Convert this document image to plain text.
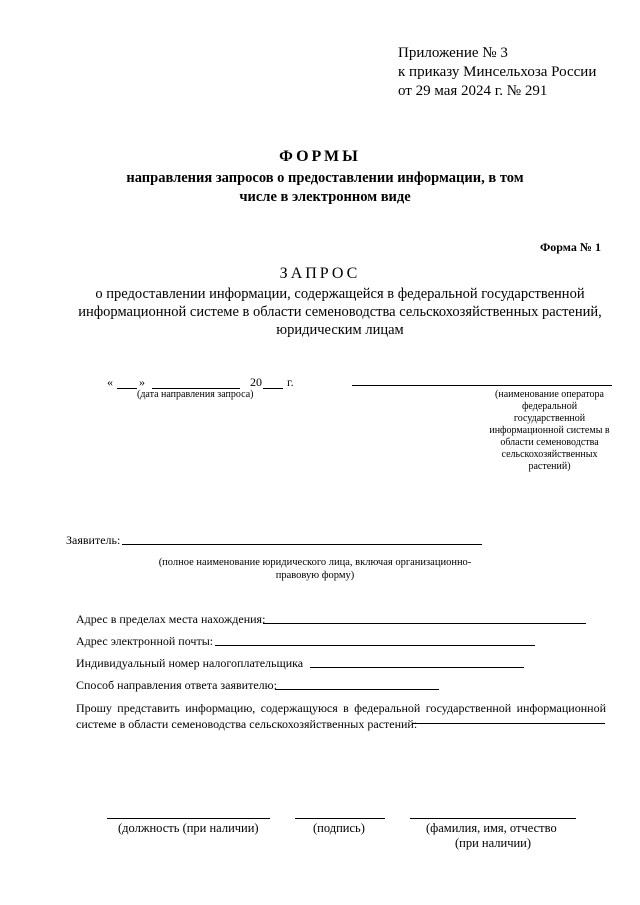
Приложение № 3
к приказу Минсельхоза России
от 29 мая 2024 г. № 291
ФОРМЫ
направления запросов о предоставлении информации, в том числе в электронном виде
Форма № 1
ЗАПРОС
о предоставлении информации, содержащейся в федеральной государственной информационной системе в области семеноводства сельскохозяйственных растений, юридическим лицам
« »	20 г.
(дата направления запроса)	(наименование оператора федеральной государственной информационной системы в области семеноводства сельскохозяйственных растений)
Заявитель:
(полное наименование юридического лица, включая организационно-правовую форму)
Адрес в пределах места нахождения:
Адрес электронной почты:
Индивидуальный номер налогоплательщика
Способ направления ответа заявителю:
Прошу представить информацию, содержащуюся в федеральной государственной информационной системе в области семеноводства сельскохозяйственных растений:
(должность (при наличии)	(подпись)	(фамилия, имя, отчество
(при наличии)
